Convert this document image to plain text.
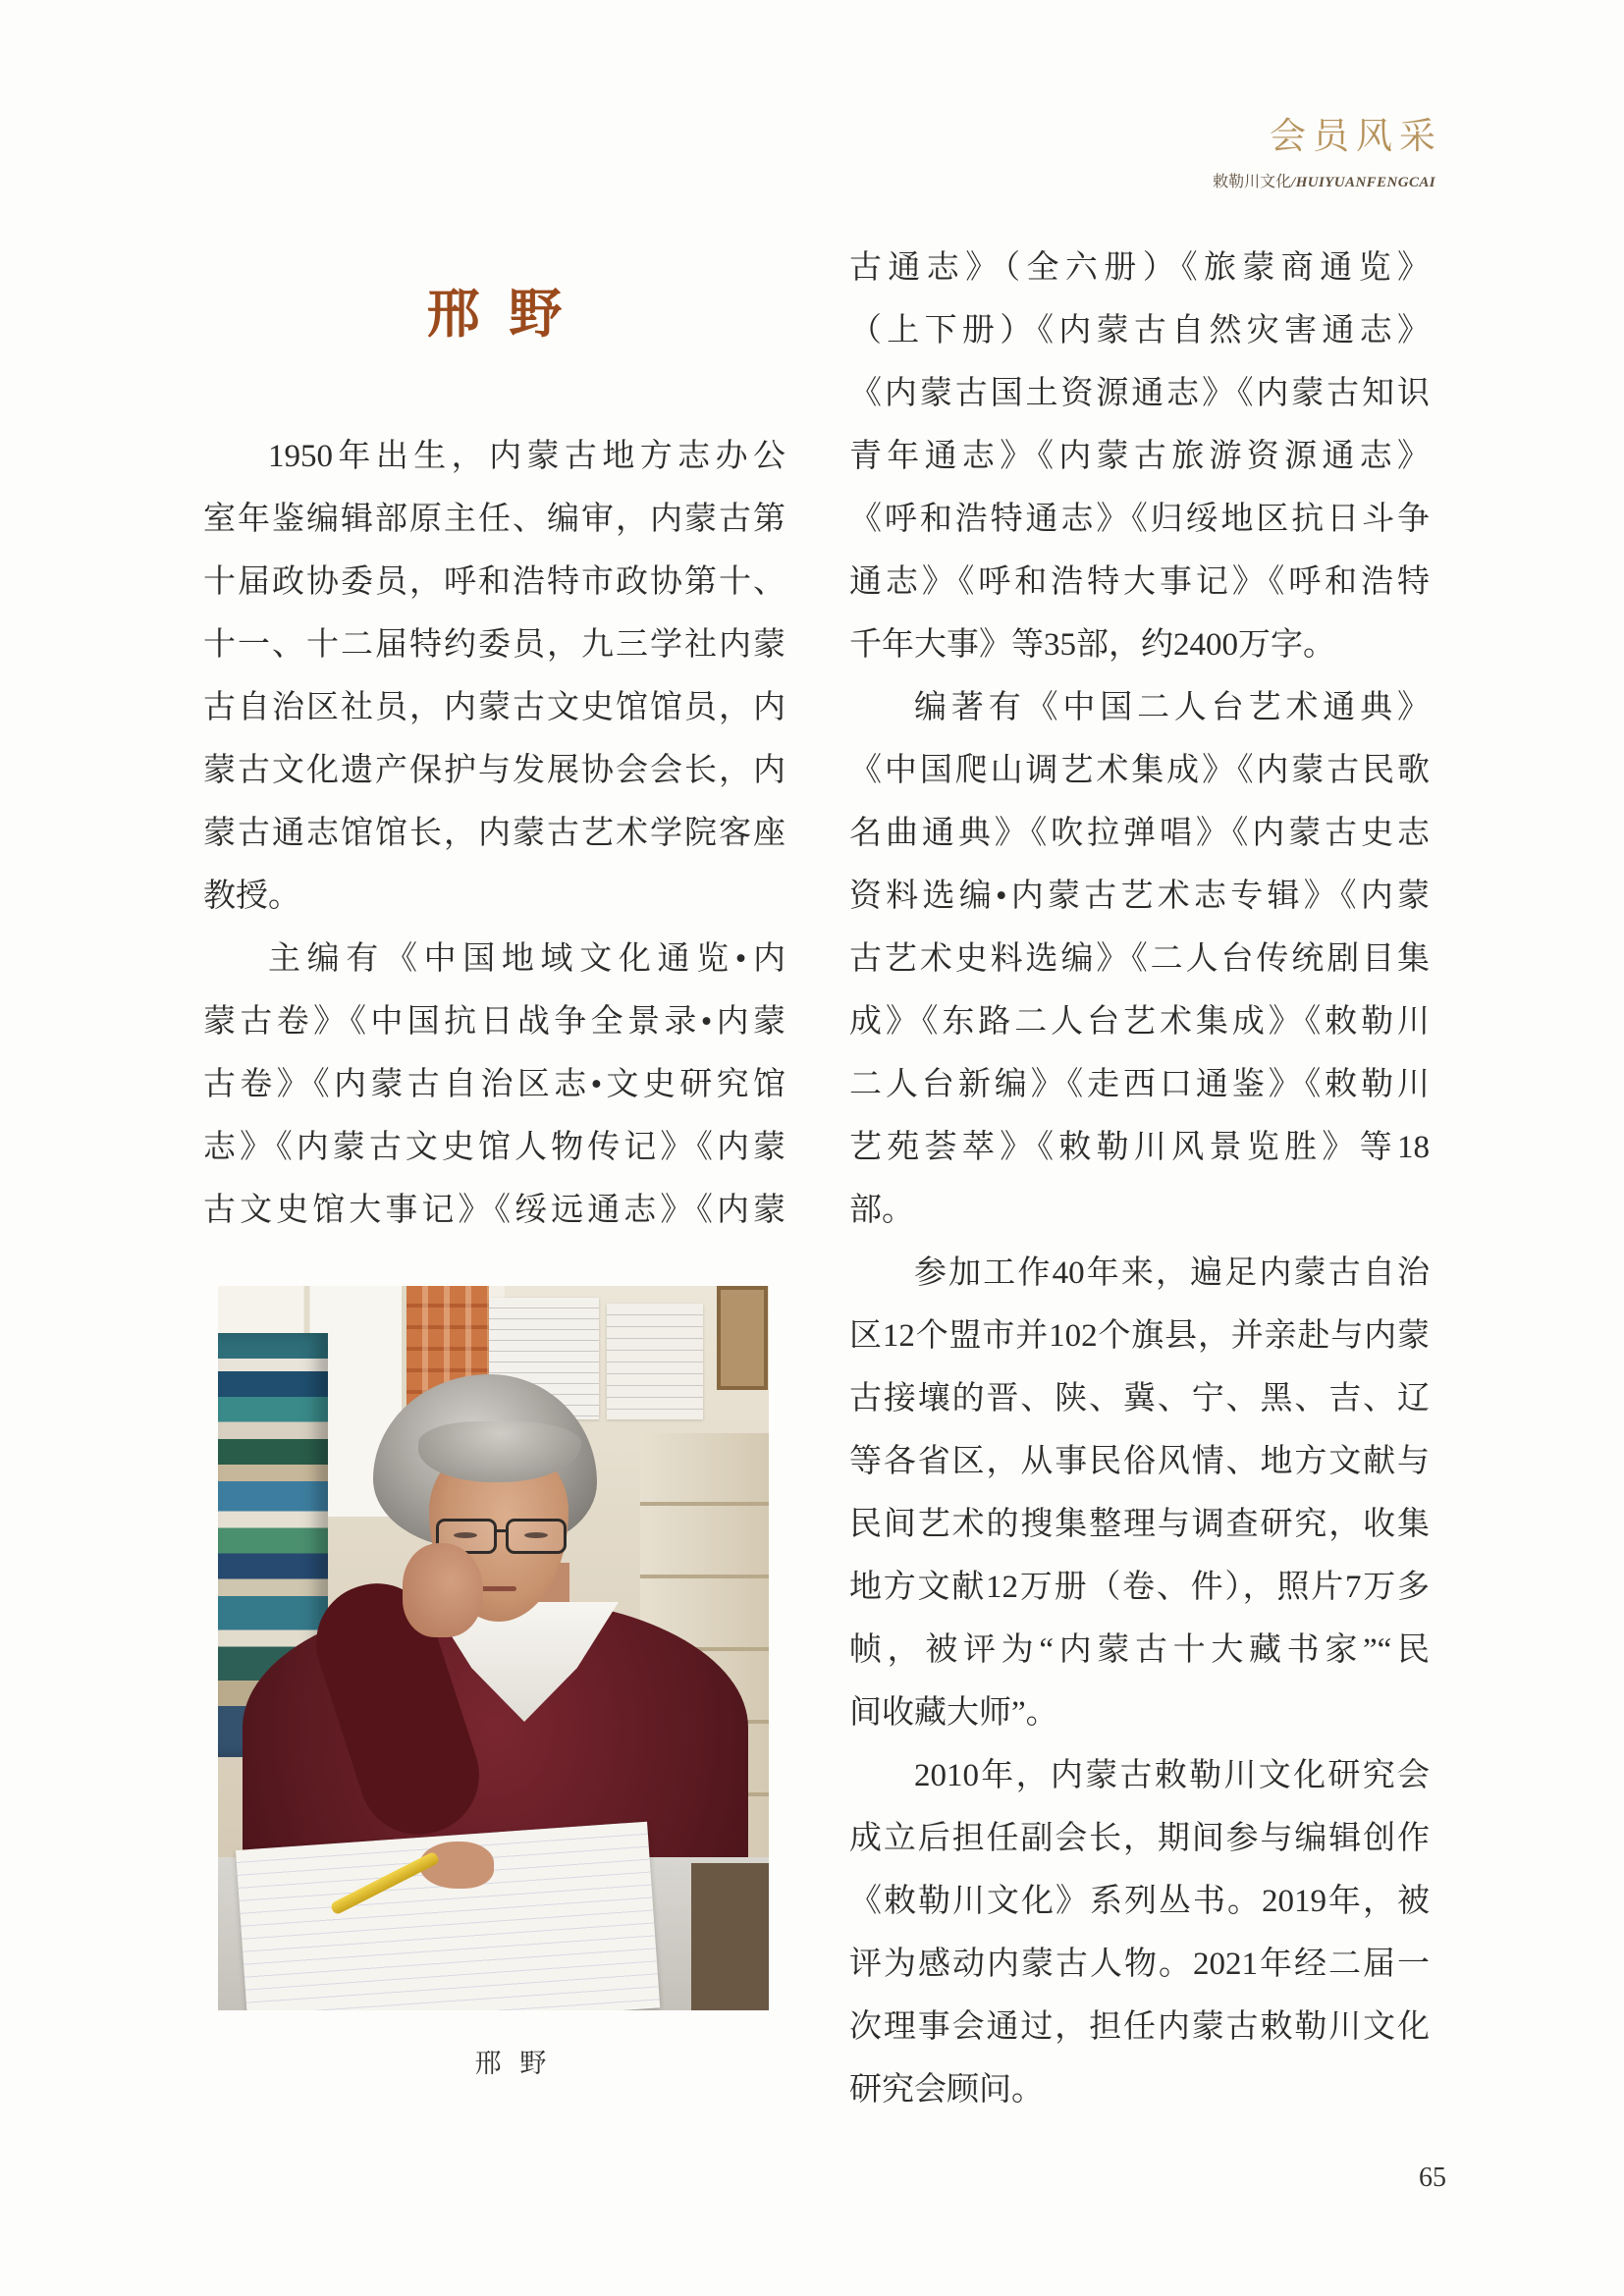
会员风采
敕勒川文化/HUIYUANFENGCAI
邢 野
1950年出生，内蒙古地方志办公
室年鉴编辑部原主任、编审，内蒙古第
十届政协委员，呼和浩特市政协第十、
十一、十二届特约委员，九三学社内蒙
古自治区社员，内蒙古文史馆馆员，内
蒙古文化遗产保护与发展协会会长，内
蒙古通志馆馆长，内蒙古艺术学院客座
教授。
主编有《中国地域文化通览•内
蒙古卷》《中国抗日战争全景录•内蒙
古卷》《内蒙古自治区志•文史研究馆
志》《内蒙古文史馆人物传记》《内蒙
古文史馆大事记》《绥远通志》《内蒙
古通志》（全六册）《旅蒙商通览》
（上下册）《内蒙古自然灾害通志》
《内蒙古国土资源通志》《内蒙古知识
青年通志》《内蒙古旅游资源通志》
《呼和浩特通志》《归绥地区抗日斗争
通志》《呼和浩特大事记》《呼和浩特
千年大事》等35部，约2400万字。
编著有《中国二人台艺术通典》
《中国爬山调艺术集成》《内蒙古民歌
名曲通典》《吹拉弹唱》《内蒙古史志
资料选编•内蒙古艺术志专辑》《内蒙
古艺术史料选编》《二人台传统剧目集
成》《东路二人台艺术集成》《敕勒川
二人台新编》《走西口通鉴》《敕勒川
艺苑荟萃》《敕勒川风景览胜》等18
部。
参加工作40年来，遍足内蒙古自治
区12个盟市并102个旗县，并亲赴与内蒙
古接壤的晋、陕、冀、宁、黑、吉、辽
等各省区，从事民俗风情、地方文献与
民间艺术的搜集整理与调查研究，收集
地方文献12万册（卷、件），照片7万多
帧，被评为“内蒙古十大藏书家”“民
间收藏大师”。
2010年，内蒙古敕勒川文化研究会
成立后担任副会长，期间参与编辑创作
《敕勒川文化》系列丛书。2019年，被
评为感动内蒙古人物。2021年经二届一
次理事会通过，担任内蒙古敕勒川文化
研究会顾问。
邢 野
65
